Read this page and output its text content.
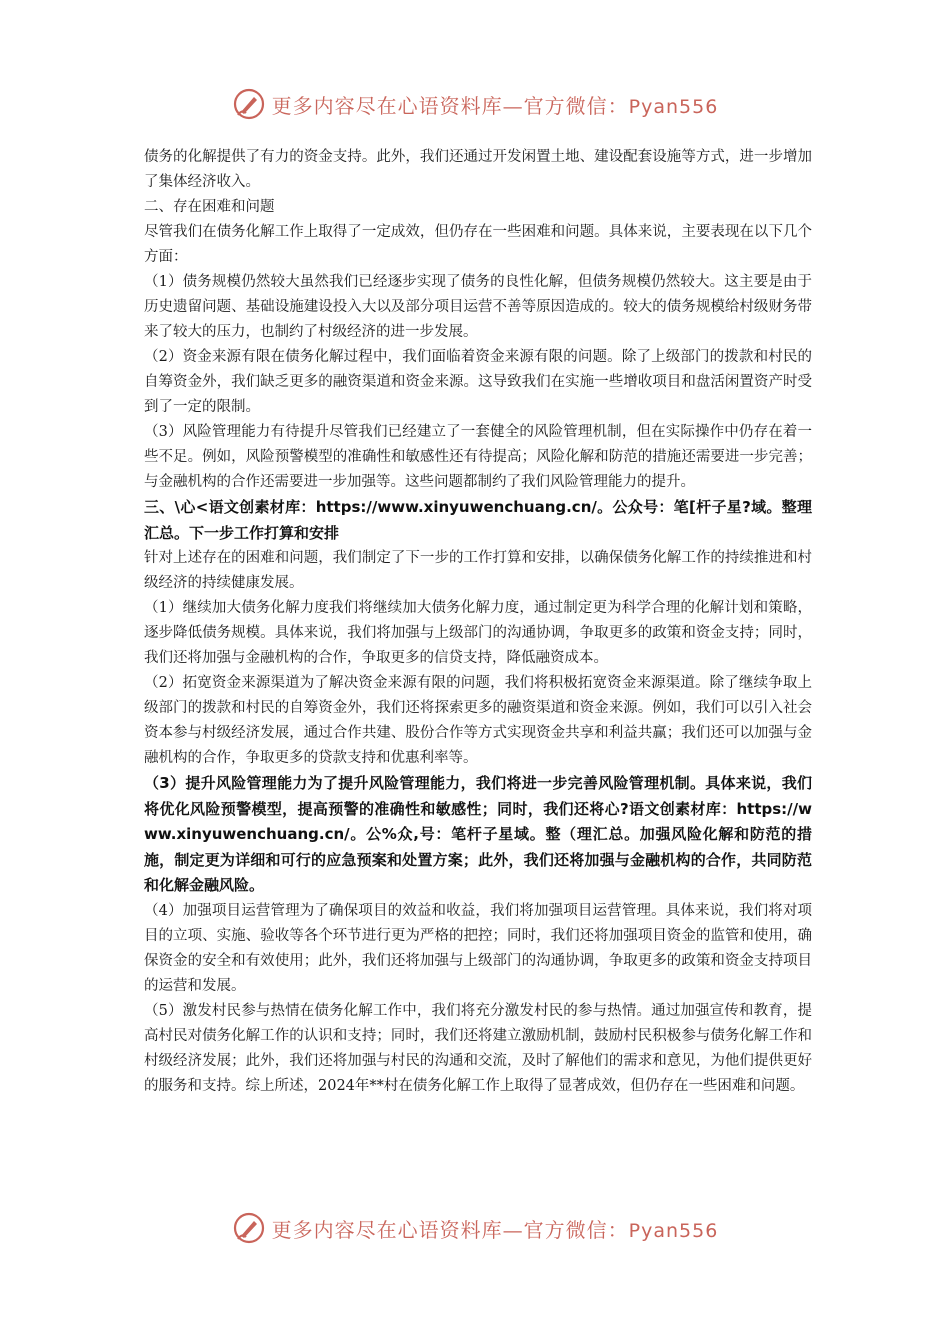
更多内容尽在心语资料库—官方微信：Pyan556

债务的化解提供了有力的资金支持。此外，我们还通过开发闲置土地、建设配套设施等方式，进一步增加了集体经济收入。

二、存在困难和问题

尽管我们在债务化解工作上取得了一定成效，但仍存在一些困难和问题。具体来说，主要表现在以下几个方面：

（1）债务规模仍然较大虽然我们已经逐步实现了债务的良性化解，但债务规模仍然较大。这主要是由于历史遗留问题、基础设施建设投入大以及部分项目运营不善等原因造成的。较大的债务规模给村级财务带来了较大的压力，也制约了村级经济的进一步发展。

（2）资金来源有限在债务化解过程中，我们面临着资金来源有限的问题。除了上级部门的拨款和村民的自筹资金外，我们缺乏更多的融资渠道和资金来源。这导致我们在实施一些增收项目和盘活闲置资产时受到了一定的限制。

（3）风险管理能力有待提升尽管我们已经建立了一套健全的风险管理机制，但在实际操作中仍存在着一些不足。例如，风险预警模型的准确性和敏感性还有待提高；风险化解和防范的措施还需要进一步完善；与金融机构的合作还需要进一步加强等。这些问题都制约了我们风险管理能力的提升。

三、\心<语文创素材库：https://www.xinyuwenchuang.cn/。公众号：笔[杆子星?域。整理汇总。下一步工作打算和安排

针对上述存在的困难和问题，我们制定了下一步的工作打算和安排，以确保债务化解工作的持续推进和村级经济的持续健康发展。

（1）继续加大债务化解力度我们将继续加大债务化解力度，通过制定更为科学合理的化解计划和策略，逐步降低债务规模。具体来说，我们将加强与上级部门的沟通协调，争取更多的政策和资金支持；同时，我们还将加强与金融机构的合作，争取更多的信贷支持，降低融资成本。

（2）拓宽资金来源渠道为了解决资金来源有限的问题，我们将积极拓宽资金来源渠道。除了继续争取上级部门的拨款和村民的自筹资金外，我们还将探索更多的融资渠道和资金来源。例如，我们可以引入社会资本参与村级经济发展，通过合作共建、股份合作等方式实现资金共享和利益共赢；我们还可以加强与金融机构的合作，争取更多的贷款支持和优惠利率等。

（3）提升风险管理能力为了提升风险管理能力，我们将进一步完善风险管理机制。具体来说，我们将优化风险预警模型，提高预警的准确性和敏感性；同时，我们还将心?语文创素材库：https://www.xinyuwenchuang.cn/。公%众,号：笔杆子星域。整（理汇总。加强风险化解和防范的措施，制定更为详细和可行的应急预案和处置方案；此外，我们还将加强与金融机构的合作，共同防范和化解金融风险。

（4）加强项目运营管理为了确保项目的效益和收益，我们将加强项目运营管理。具体来说，我们将对项目的立项、实施、验收等各个环节进行更为严格的把控；同时，我们还将加强项目资金的监管和使用，确保资金的安全和有效使用；此外，我们还将加强与上级部门的沟通协调，争取更多的政策和资金支持项目的运营和发展。

（5）激发村民参与热情在债务化解工作中，我们将充分激发村民的参与热情。通过加强宣传和教育，提高村民对债务化解工作的认识和支持；同时，我们还将建立激励机制，鼓励村民积极参与债务化解工作和村级经济发展；此外，我们还将加强与村民的沟通和交流，及时了解他们的需求和意见，为他们提供更好的服务和支持。综上所述，2024年**村在债务化解工作上取得了显著成效，但仍存在一些困难和问题。

更多内容尽在心语资料库—官方微信：Pyan556
